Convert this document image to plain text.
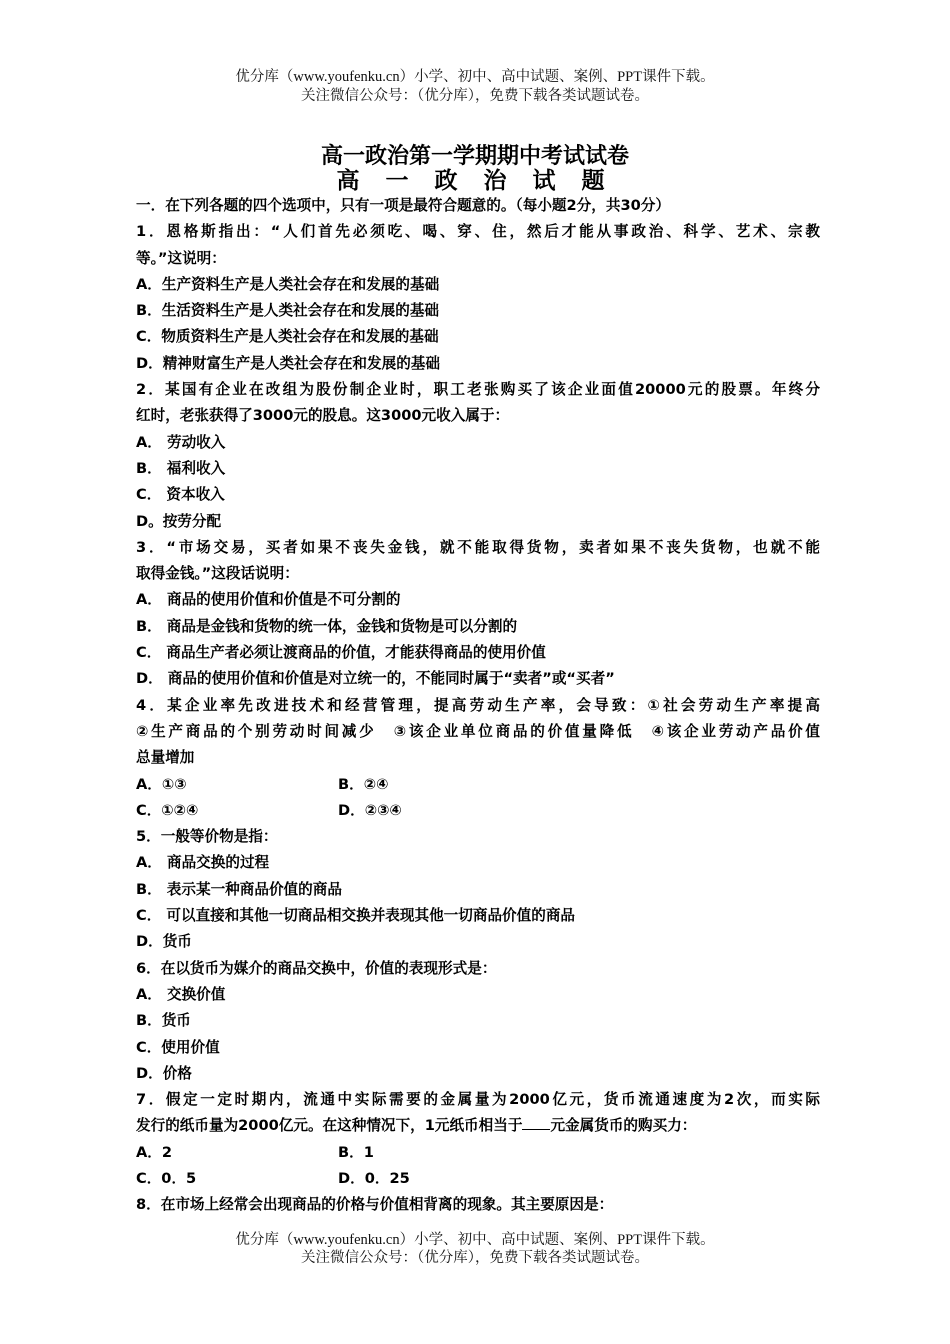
优分库（www.youfenku.cn）小学、初中、高中试题、案例、PPT课件下载。
关注微信公众号：（优分库），免费下载各类试题试卷。
高一政治第一学期期中考试试卷
高 一 政 治 试 题
一．在下列各题的四个选项中，只有一项是最符合题意的。（每小题2分，共30分）
1．恩格斯指出：“人们首先必须吃、喝、穿、住，然后才能从事政治、科学、艺术、宗教
等。”这说明：
A．生产资料生产是人类社会存在和发展的基础
B．生活资料生产是人类社会存在和发展的基础
C．物质资料生产是人类社会存在和发展的基础
D．精神财富生产是人类社会存在和发展的基础
2．某国有企业在改组为股份制企业时，职工老张购买了该企业面值20000元的股票。年终分
红时，老张获得了3000元的股息。这3000元收入属于：
A． 劳动收入
B． 福利收入
C． 资本收入
D。按劳分配
3．“市场交易，买者如果不丧失金钱，就不能取得货物，卖者如果不丧失货物，也就不能
取得金钱。”这段话说明：
A． 商品的使用价值和价值是不可分割的
B． 商品是金钱和货物的统一体，金钱和货物是可以分割的
C． 商品生产者必须让渡商品的价值，才能获得商品的使用价值
D． 商品的使用价值和价值是对立统一的，不能同时属于“卖者”或“买者”
4．某企业率先改进技术和经营管理，提高劳动生产率，会导致：①社会劳动生产率提高
②生产商品的个别劳动时间减少　③该企业单位商品的价值量降低　④该企业劳动产品价值
总量增加
A．①③	B．②④
C．①②④	D．②③④
5．一般等价物是指：
A． 商品交换的过程
B． 表示某一种商品价值的商品
C． 可以直接和其他一切商品相交换并表现其他一切商品价值的商品
D．货币
6．在以货币为媒介的商品交换中，价值的表现形式是：
A． 交换价值
B．货币
C．使用价值
D．价格
7．假定一定时期内，流通中实际需要的金属量为2000亿元，货币流通速度为2次，而实际
发行的纸币量为2000亿元。在这种情况下，1元纸币相当于 元金属货币的购买力：
A．2	B．1
C．0．5	D．0．25
8．在市场上经常会出现商品的价格与价值相背离的现象。其主要原因是：
优分库（www.youfenku.cn）小学、初中、高中试题、案例、PPT课件下载。
关注微信公众号：（优分库），免费下载各类试题试卷。
